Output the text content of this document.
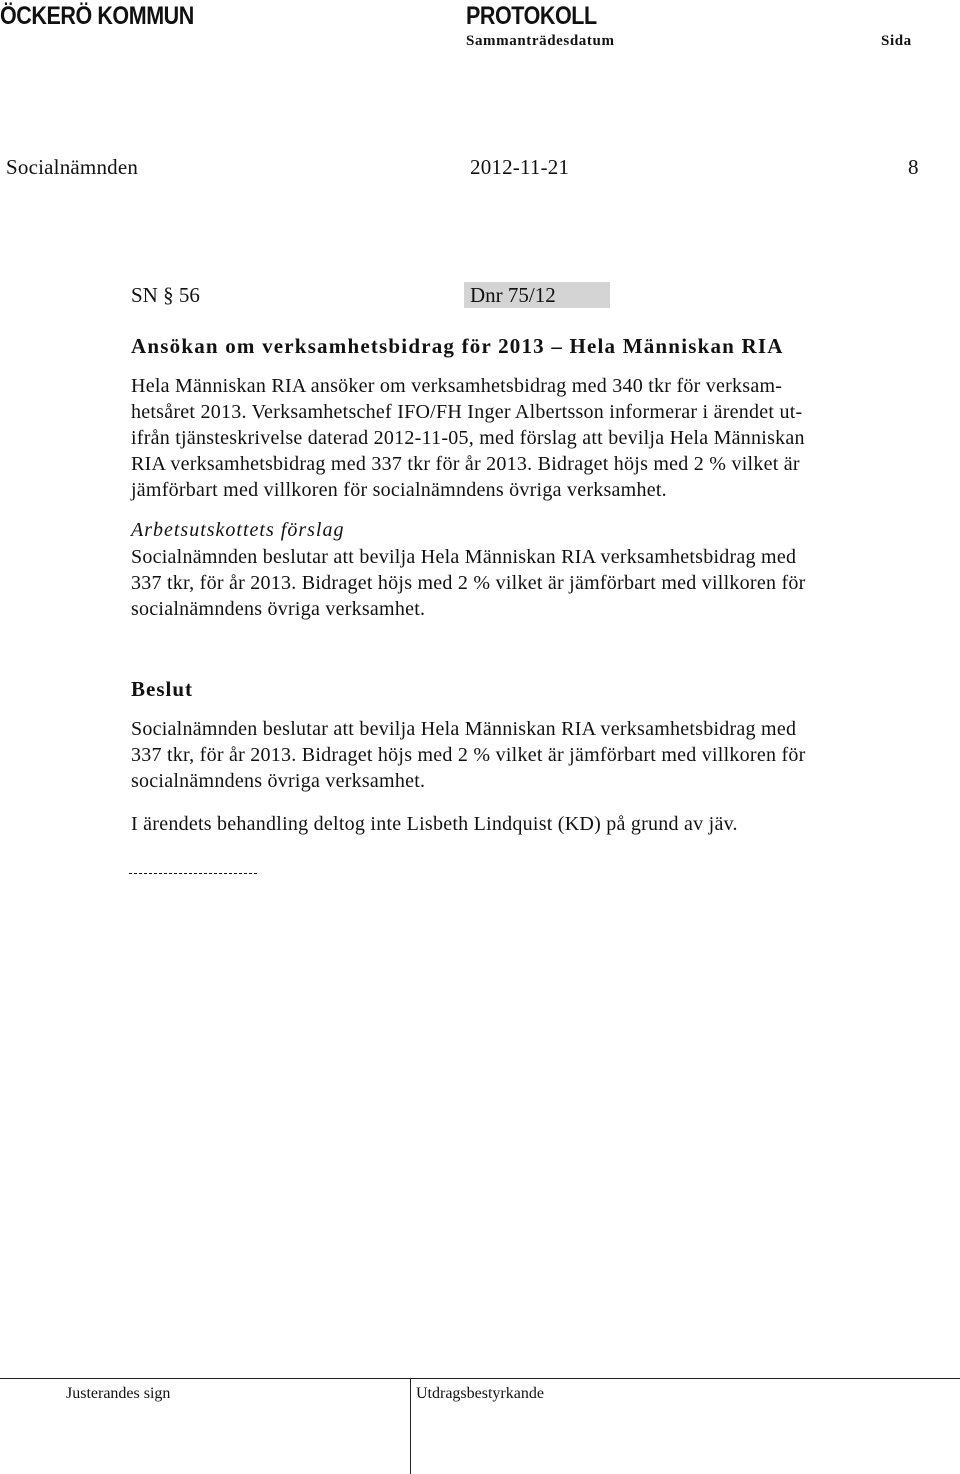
ÖCKERÖ KOMMUN	PROTOKOLL
Sammanträdesdatum	Sida
Socialnämnden	2012-11-21	8
SN § 56	Dnr 75/12
Ansökan om verksamhetsbidrag för 2013 – Hela Människan RIA

Hela Människan RIA ansöker om verksamhetsbidrag med 340 tkr för verksam-
hetsåret 2013. Verksamhetschef IFO/FH Inger Albertsson informerar i ärendet ut-
ifrån tjänsteskrivelse daterad 2012-11-05, med förslag att bevilja Hela Människan
RIA verksamhetsbidrag med 337 tkr för år 2013. Bidraget höjs med 2 % vilket är
jämförbart med villkoren för socialnämndens övriga verksamhet.

Arbetsutskottets förslag

Socialnämnden beslutar att bevilja Hela Människan RIA verksamhetsbidrag med
337 tkr, för år 2013. Bidraget höjs med 2 % vilket är jämförbart med villkoren för
socialnämndens övriga verksamhet.

Beslut

Socialnämnden beslutar att bevilja Hela Människan RIA verksamhetsbidrag med
337 tkr, för år 2013. Bidraget höjs med 2 % vilket är jämförbart med villkoren för
socialnämndens övriga verksamhet.

I ärendets behandling deltog inte Lisbeth Lindquist (KD) på grund av jäv.

Justerandes sign	Utdragsbestyrkande
